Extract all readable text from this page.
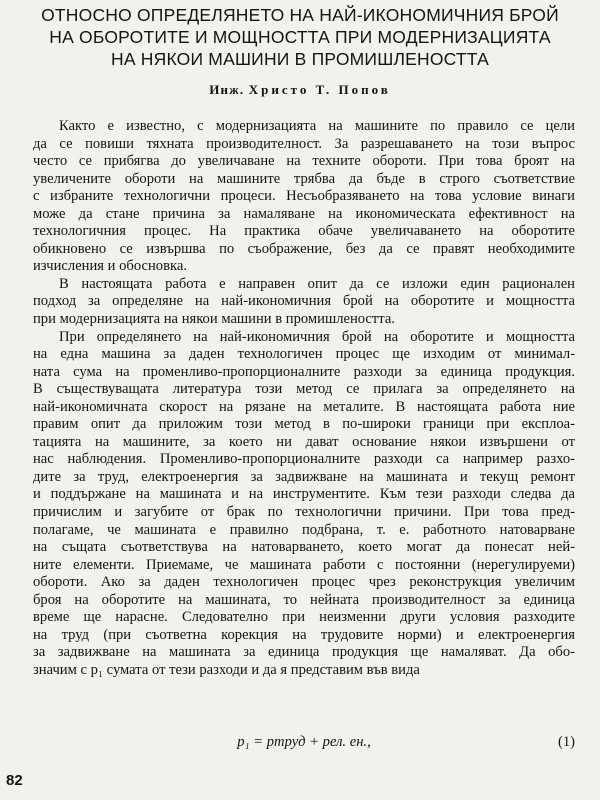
ОТНОСНО ОПРЕДЕЛЯНЕТО НА НАЙ-ИКОНОМИЧНИЯ БРОЙ
НА ОБОРОТИТЕ И МОЩНОСТТА ПРИ МОДЕРНИЗАЦИЯТА
НА НЯКОИ МАШИНИ В ПРОМИШЛЕНОСТТА
Инж. Христо Т. Попов
Както е известно, с модернизацията на машините по правило се цели
да се повиши тяхната производителност. За разрешаването на този въпрос
често се прибягва до увеличаване на техните обороти. При това броят на
увеличените обороти на машините трябва да бъде в строго съответствие
с избраните технологични процеси. Несъобразяването на това условие винаги
може да стане причина за намаляване на икономическата ефективност на
технологичния процес. На практика обаче увеличаването на оборотите
обикновено се извършва по съображение, без да се правят необходимите
изчисления и обосновка.
В настоящата работа е направен опит да се изложи един рационален
подход за определяне на най-икономичния брой на оборотите и мощността
при модернизацията на някои машини в промишлеността.
При определянето на най-икономичния брой на оборотите и мощността
на една машина за даден технологичен процес ще изходим от минимал-
ната сума на променливо-пропорционалните разходи за единица продукция.
В съществуващата литература този метод се прилага за определянето на
най-икономичната скорост на рязане на металите. В настоящата работа ние
правим опит да приложим този метод в по-широки граници при експлоа-
тацията на машините, за което ни дават основание някои извършени от
нас наблюдения. Променливо-пропорционалните разходи са например разхо-
дите за труд, електроенергия за задвижване на машината и текущ ремонт
и поддържане на машината и на инструментите. Към тези разходи следва да
причислим и загубите от брак по технологични причини. При това пред-
полагаме, че машината е правилно подбрана, т. е. работното натоварване
на същата съответствува на натоварването, което могат да понесат ней-
ните елементи. Приемаме, че машината работи с постоянни (нерегулируеми)
обороти. Ако за даден технологичен процес чрез реконструкция увеличим
броя на оборотите на машината, то нейната производителност за единица
време ще нарасне. Следователно при неизменни други условия разходите
на труд (при съответна корекция на трудовите норми) и електроенергия
за задвижване на машината за единица продукция ще намаляват. Да обо-
значим с p₁ сумата от тези разходи и да я представим във вида
p₁ = pтруд + pел. ен.,	(1)
82
